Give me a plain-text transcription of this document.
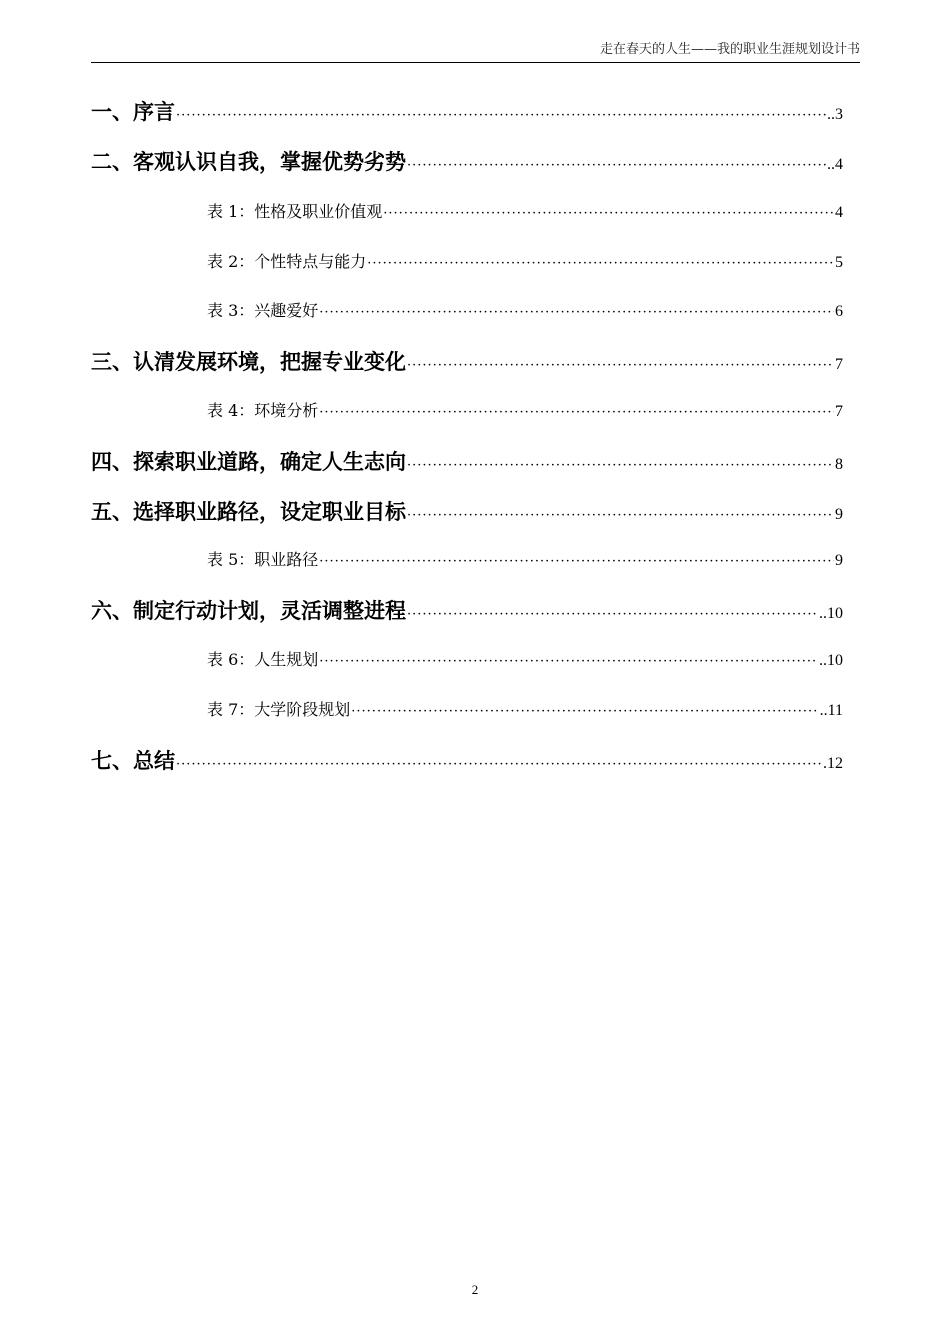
走在春天的人生——我的职业生涯规划设计书
一、序言 ·····	..3
二、客观认识自我，掌握优势劣势 ·····	..4
表 1：性格及职业价值观 ·····	4
表 2：个性特点与能力 ·····	5
表 3：兴趣爱好 ·····	6
三、认清发展环境，把握专业变化 ·····	7
表 4：环境分析 ·····	7
四、探索职业道路，确定人生志向 ·····	8
五、选择职业路径，设定职业目标 ·····	9
表 5：职业路径 ·····	9
六、制定行动计划，灵活调整进程 ·····	..10
表 6：人生规划 ·····	..10
表 7：大学阶段规划 ·····	..11
七、总结 ·····	.12
2
